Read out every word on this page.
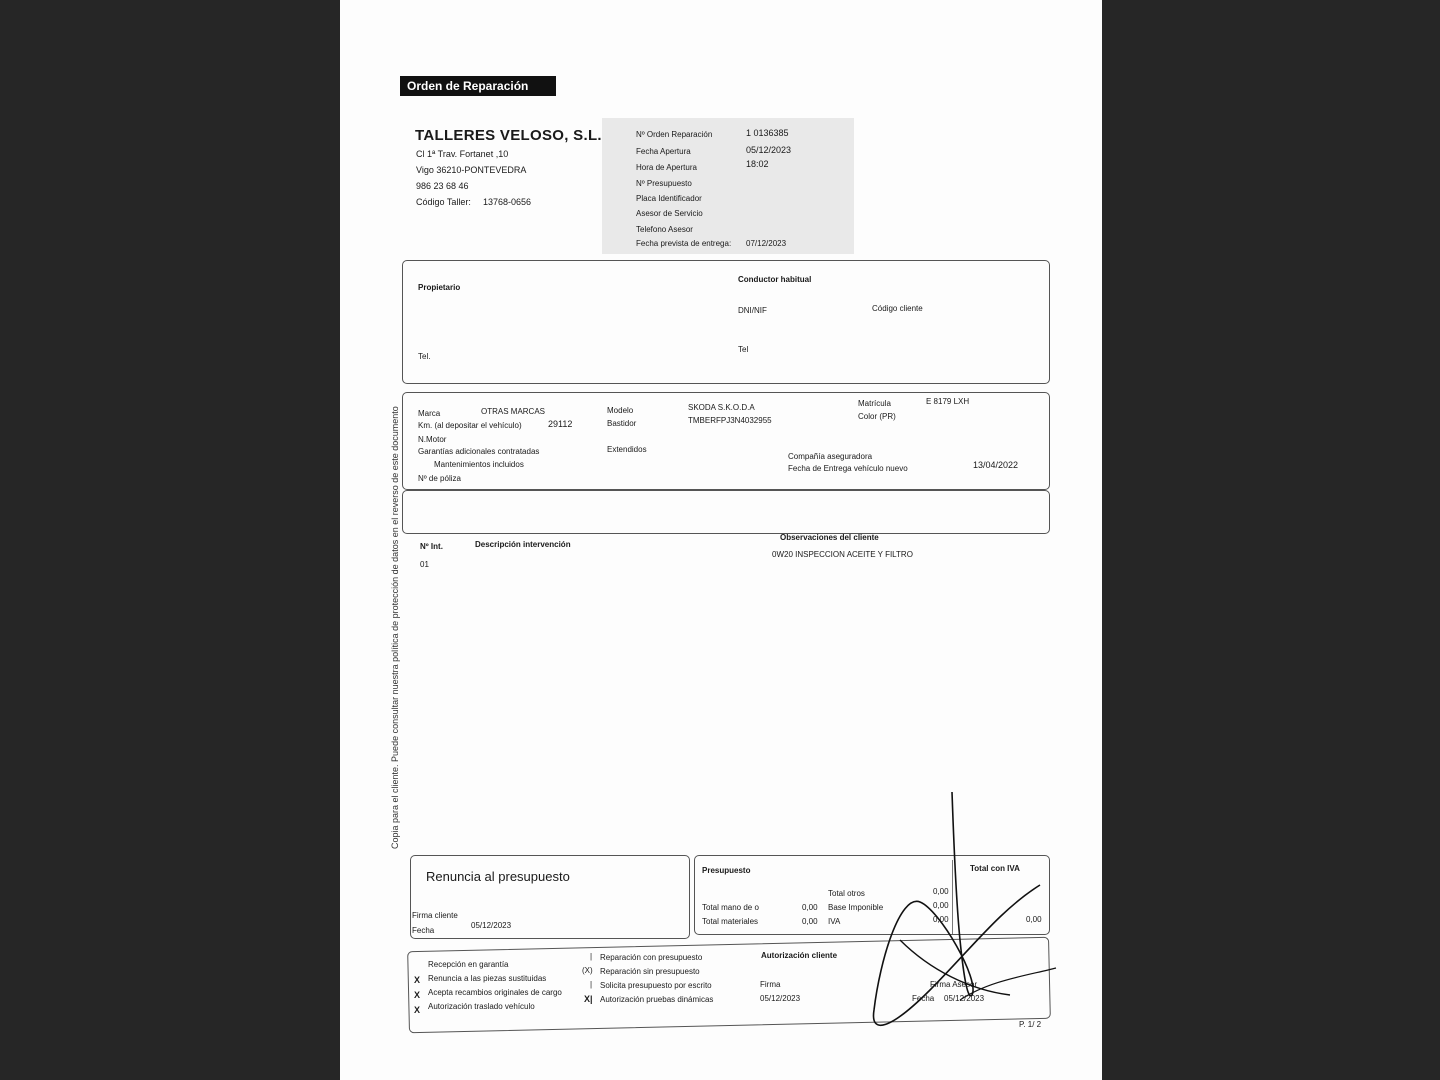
Orden de Reparación
TALLERES VELOSO, S.L.
Cl 1ª Trav. Fortanet ,10
Vigo 36210-PONTEVEDRA
986 23 68 46
Código Taller: 13768-0656
Nº Orden Reparación	1 0136385
Fecha Apertura	05/12/2023
Hora de Apertura	18:02
Nº Presupuesto
Placa Identificador
Asesor de Servicio
Telefono Asesor
Fecha prevista de entrega: 07/12/2023
Propietario
Tel.
Conductor habitual
DNI/NIF	Código cliente
Tel
Marca	OTRAS MARCAS
Km. (al depositar el vehículo)	29112
N.Motor
Garantías adicionales contratadas
Mantenimientos incluidos
Nº de póliza
Modelo	SKODA S.K.O.D.A
Bastidor	TMBERFPJ3N4032955
Extendidos
Matrícula	E 8179 LXH
Color (PR)
Compañía aseguradora
Fecha de Entrega vehículo nuevo	13/04/2022
Nº Int.	Descripción intervención
Observaciones del cliente
01
0W20 INSPECCION ACEITE Y FILTRO
Copia para el cliente. Puede consultar nuestra política de protección de datos en el reverso de este documento
Renuncia al presupuesto
Firma cliente
Fecha
05/12/2023
Presupuesto	Total con IVA
Total otros	0,00
Total mano de o	0,00 Base Imponible	0,00
Total materiales	0,00 IVA	0,00	0,00
Recepción en garantía
X Renuncia a las piezas sustituidas
X Acepta recambios originales de cargo
X Autorización traslado vehículo
| Reparación con presupuesto
(X) Reparación sin presupuesto
| Solicita presupuesto por escrito
X| Autorización pruebas dinámicas
Autorización cliente
Firma
05/12/2023
Firma Asesor
Fecha 05/12/2023
P. 1/ 2
